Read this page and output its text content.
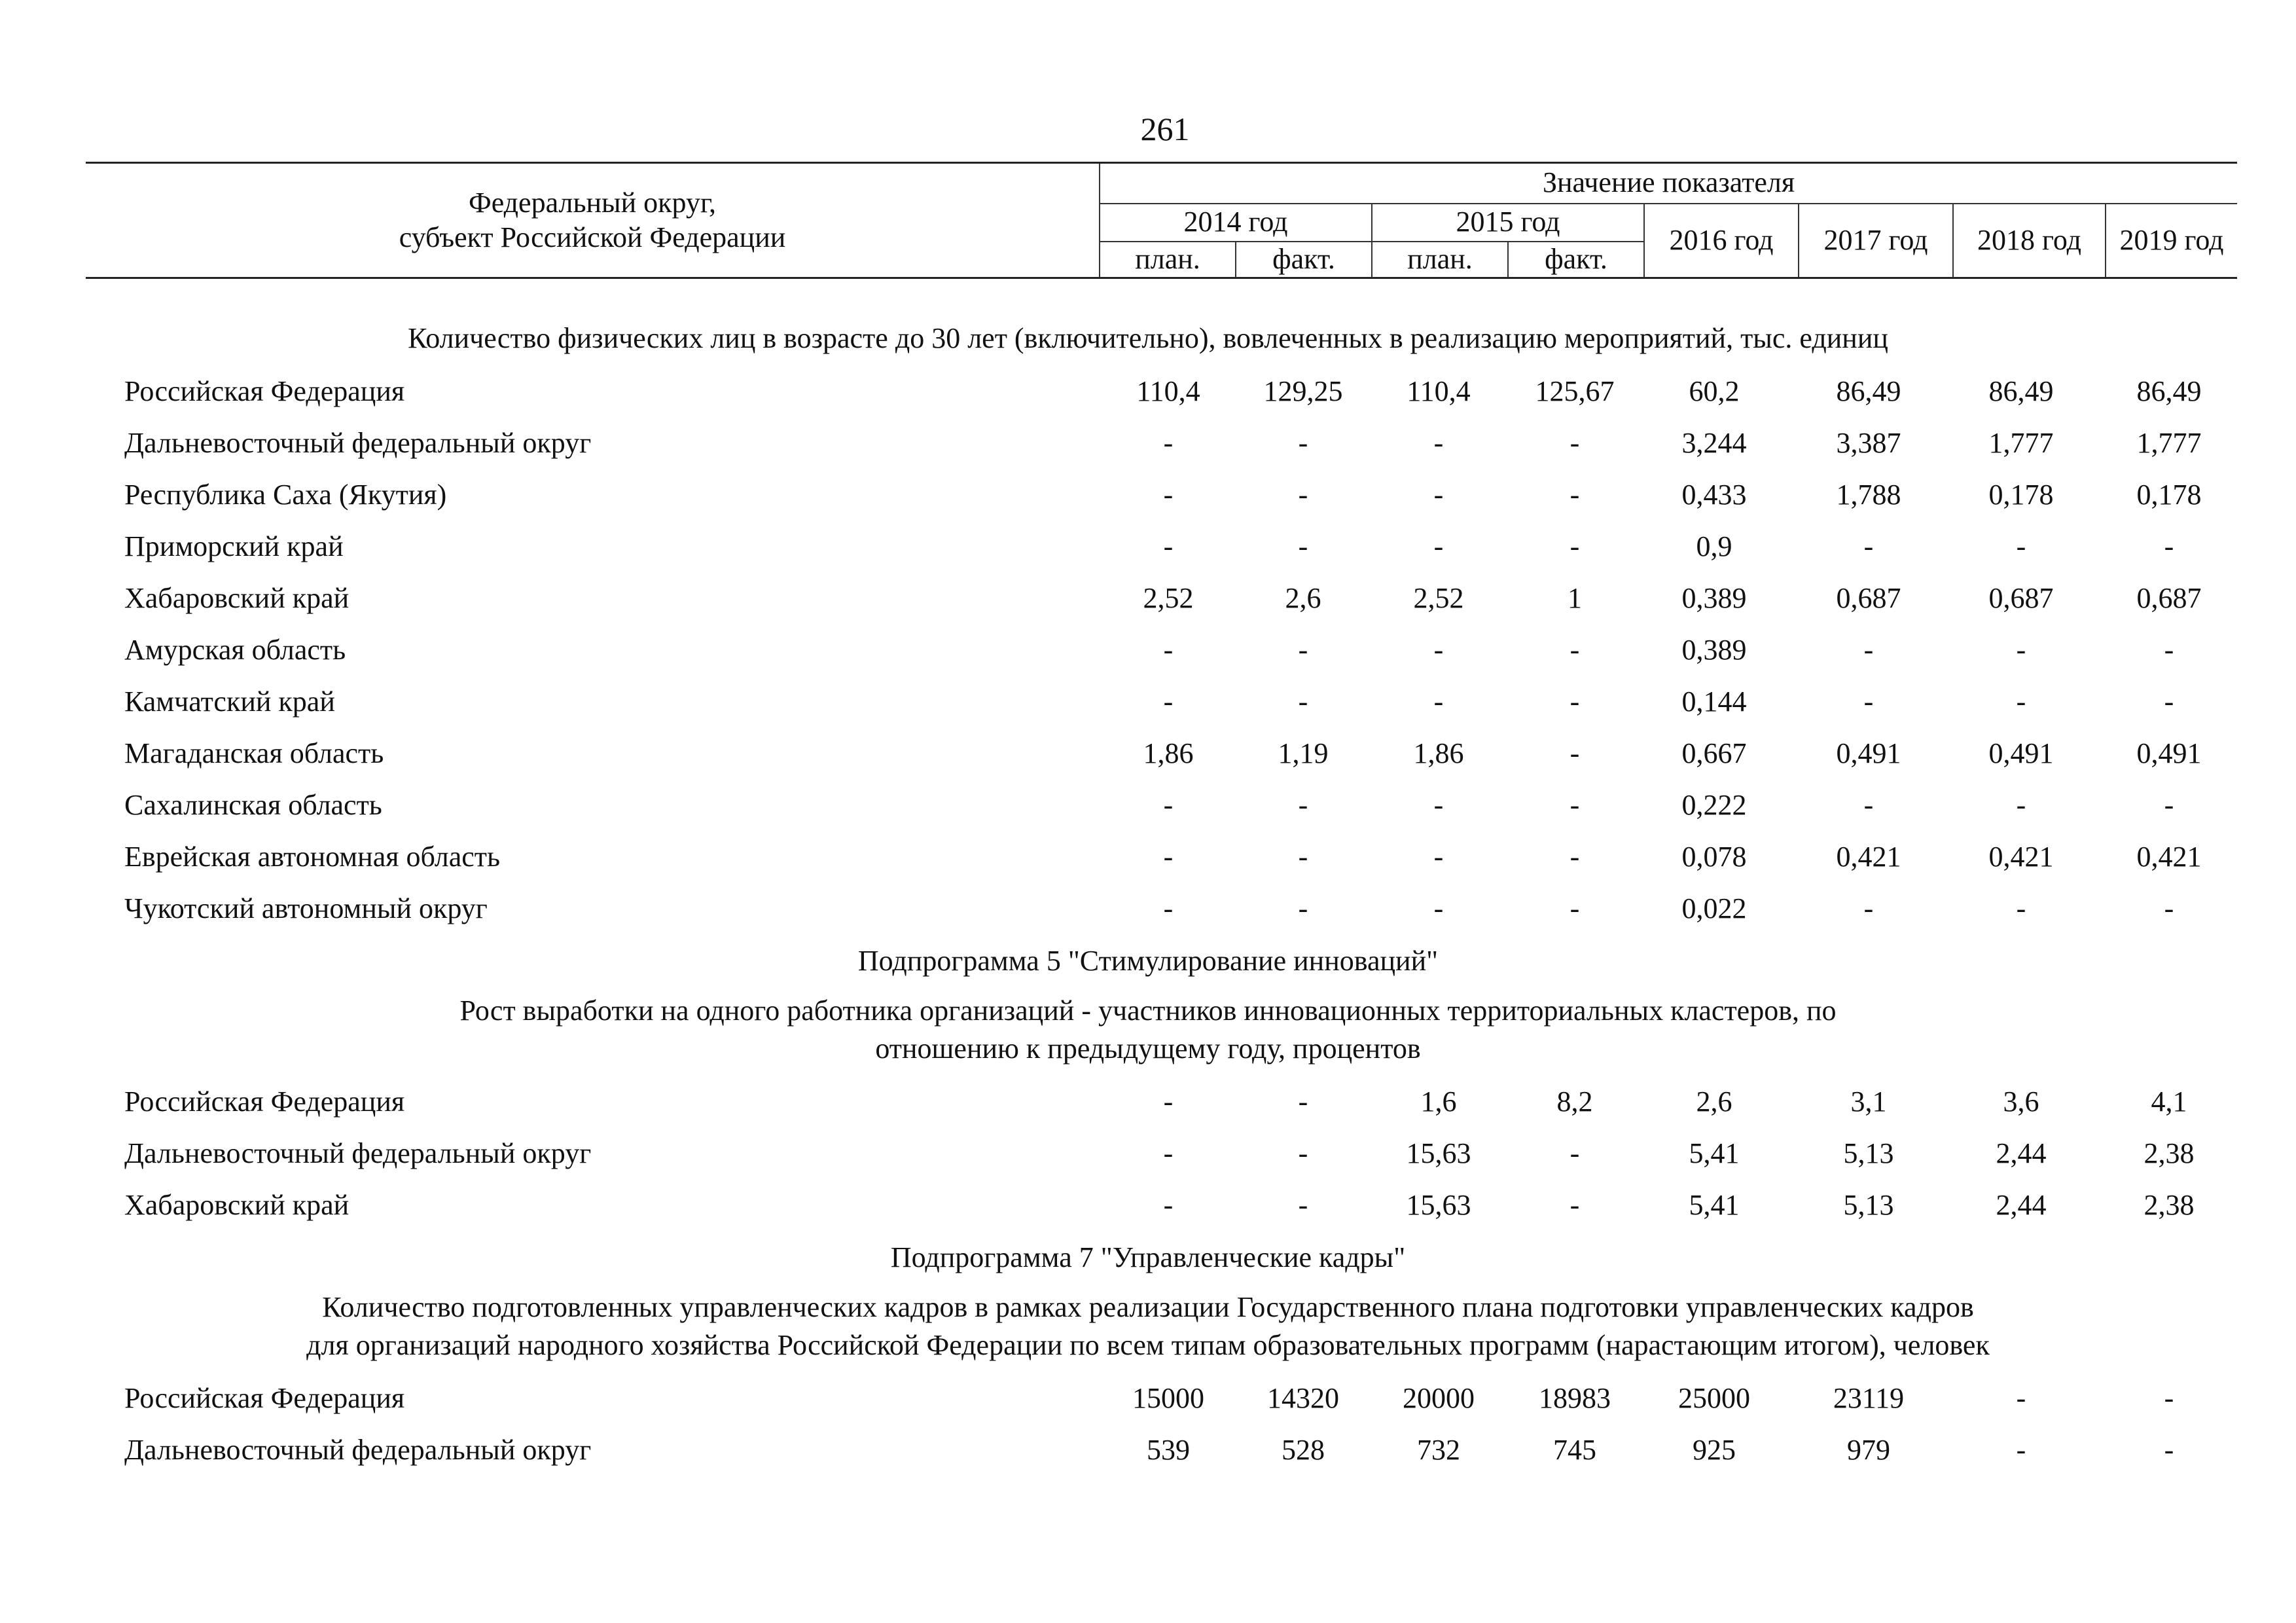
261
Федеральный округ,
субъект Российской Федерации	Значение показателя							
	2014 год		2015 год		2016 год	2017 год	2018 год	2019 год
	план.	факт.	план.	факт.				
Количество физических лиц в возрасте до 30 лет (включительно), вовлеченных в реализацию мероприятий, тыс. единиц
Российская Федерация	110,4	129,25	110,4	125,67	60,2	86,49	86,49	86,49
Дальневосточный федеральный округ	-	-	-	-	3,244	3,387	1,777	1,777
Республика Саха (Якутия)	-	-	-	-	0,433	1,788	0,178	0,178
Приморский край	-	-	-	-	0,9	-	-	-
Хабаровский край	2,52	2,6	2,52	1	0,389	0,687	0,687	0,687
Амурская область	-	-	-	-	0,389	-	-	-
Камчатский край	-	-	-	-	0,144	-	-	-
Магаданская область	1,86	1,19	1,86	-	0,667	0,491	0,491	0,491
Сахалинская область	-	-	-	-	0,222	-	-	-
Еврейская автономная область	-	-	-	-	0,078	0,421	0,421	0,421
Чукотский автономный округ	-	-	-	-	0,022	-	-	-
Подпрограмма 5 "Стимулирование инноваций"
Рост выработки на одного работника организаций - участников инновационных территориальных кластеров, по
отношению к предыдущему году, процентов
Российская Федерация	-	-	1,6	8,2	2,6	3,1	3,6	4,1
Дальневосточный федеральный округ	-	-	15,63	-	5,41	5,13	2,44	2,38
Хабаровский край	-	-	15,63	-	5,41	5,13	2,44	2,38
Подпрограмма 7 "Управленческие кадры"
Количество подготовленных управленческих кадров в рамках реализации Государственного плана подготовки управленческих кадров
для организаций народного хозяйства Российской Федерации по всем типам образовательных программ (нарастающим итогом), человек
Российская Федерация	15000	14320	20000	18983	25000	23119	-	-
Дальневосточный федеральный округ	539	528	732	745	925	979	-	-
